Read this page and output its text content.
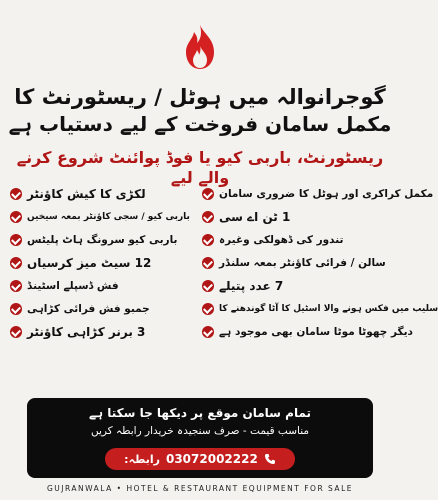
گوجرانوالہ میں ہوٹل / ریسٹورنٹ کا
مکمل سامان فروخت کے لیے دستیاب ہے
ریسٹورنٹ، باربی کیو یا فوڈ پوائنٹ شروع کرنے والے لیے
مکمل کراکری اور ہوٹل کا ضروری سامان
1 ٹن اے سی
تندور کی ڈھولکی وغیرہ
سالن / فرائی کاؤنٹر بمعہ سلنڈر
7 عدد پتیلے
سلیب میں فکس ہونے والا اسٹیل کا آٹا گوندھنے کا
دیگر چھوٹا موٹا سامان بھی موجود ہے
لکڑی کا کیش کاؤنٹر
باربی کیو / سجی کاؤنٹر بمعہ سیخیں
باربی کیو سرونگ ہاٹ پلیٹس
12 سیٹ میز کرسیاں
فش ڈسپلے اسٹینڈ
جمبو فش فرائی کڑاہی
3 برنر کڑاہی کاؤنٹر
تمام سامان موقع پر دیکھا جا سکتا ہے
مناسب قیمت - صرف سنجیدہ خریدار رابطہ کریں
رابطہ: 03072002222
GUJRANWALA • HOTEL & RESTAURANT EQUIPMENT FOR SALE
